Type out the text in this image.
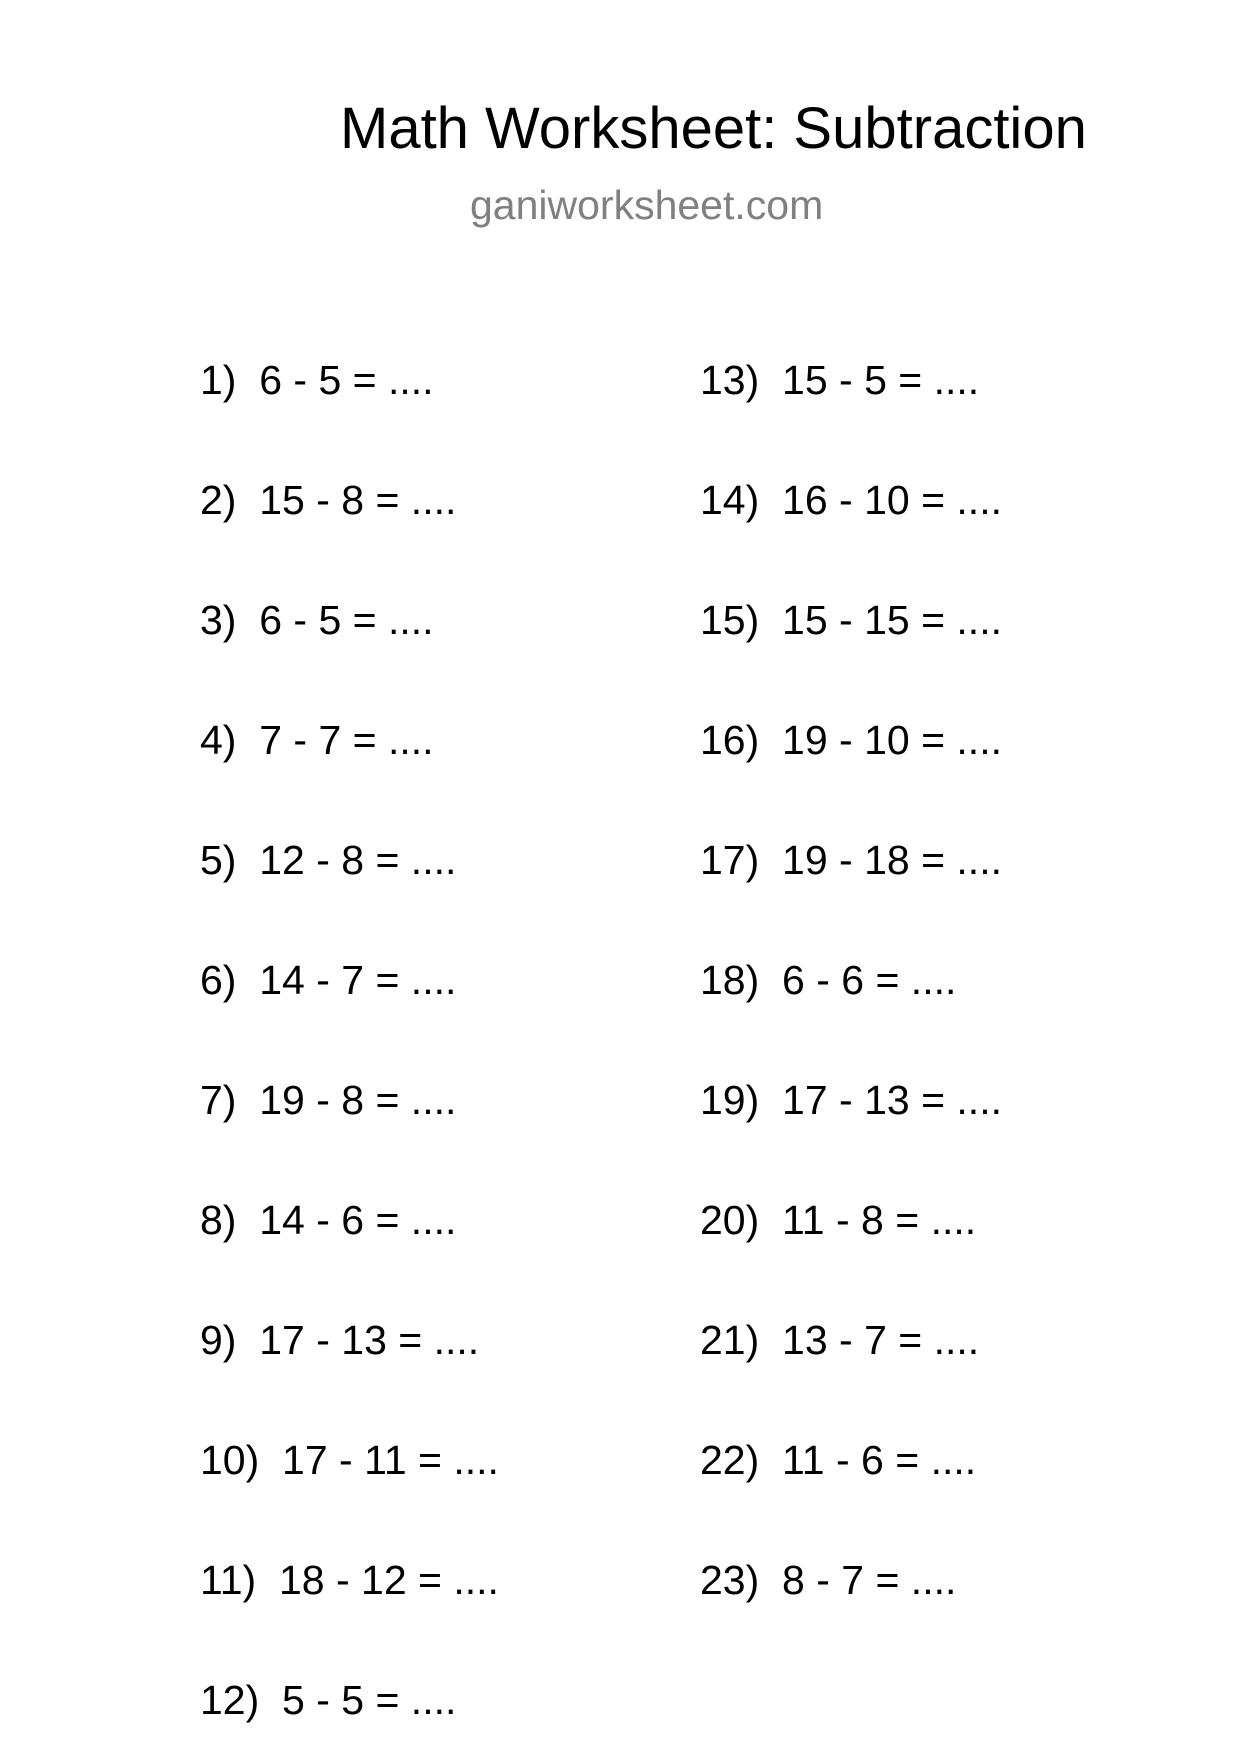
Math Worksheet: Subtraction
ganiworksheet.com
1)  6 - 5 = ....
2)  15 - 8 = ....
3)  6 - 5 = ....
4)  7 - 7 = ....
5)  12 - 8 = ....
6)  14 - 7 = ....
7)  19 - 8 = ....
8)  14 - 6 = ....
9)  17 - 13 = ....
10)  17 - 11 = ....
11)  18 - 12 = ....
12)  5 - 5 = ....
13)  15 - 5 = ....
14)  16 - 10 = ....
15)  15 - 15 = ....
16)  19 - 10 = ....
17)  19 - 18 = ....
18)  6 - 6 = ....
19)  17 - 13 = ....
20)  11 - 8 = ....
21)  13 - 7 = ....
22)  11 - 6 = ....
23)  8 - 7 = ....
